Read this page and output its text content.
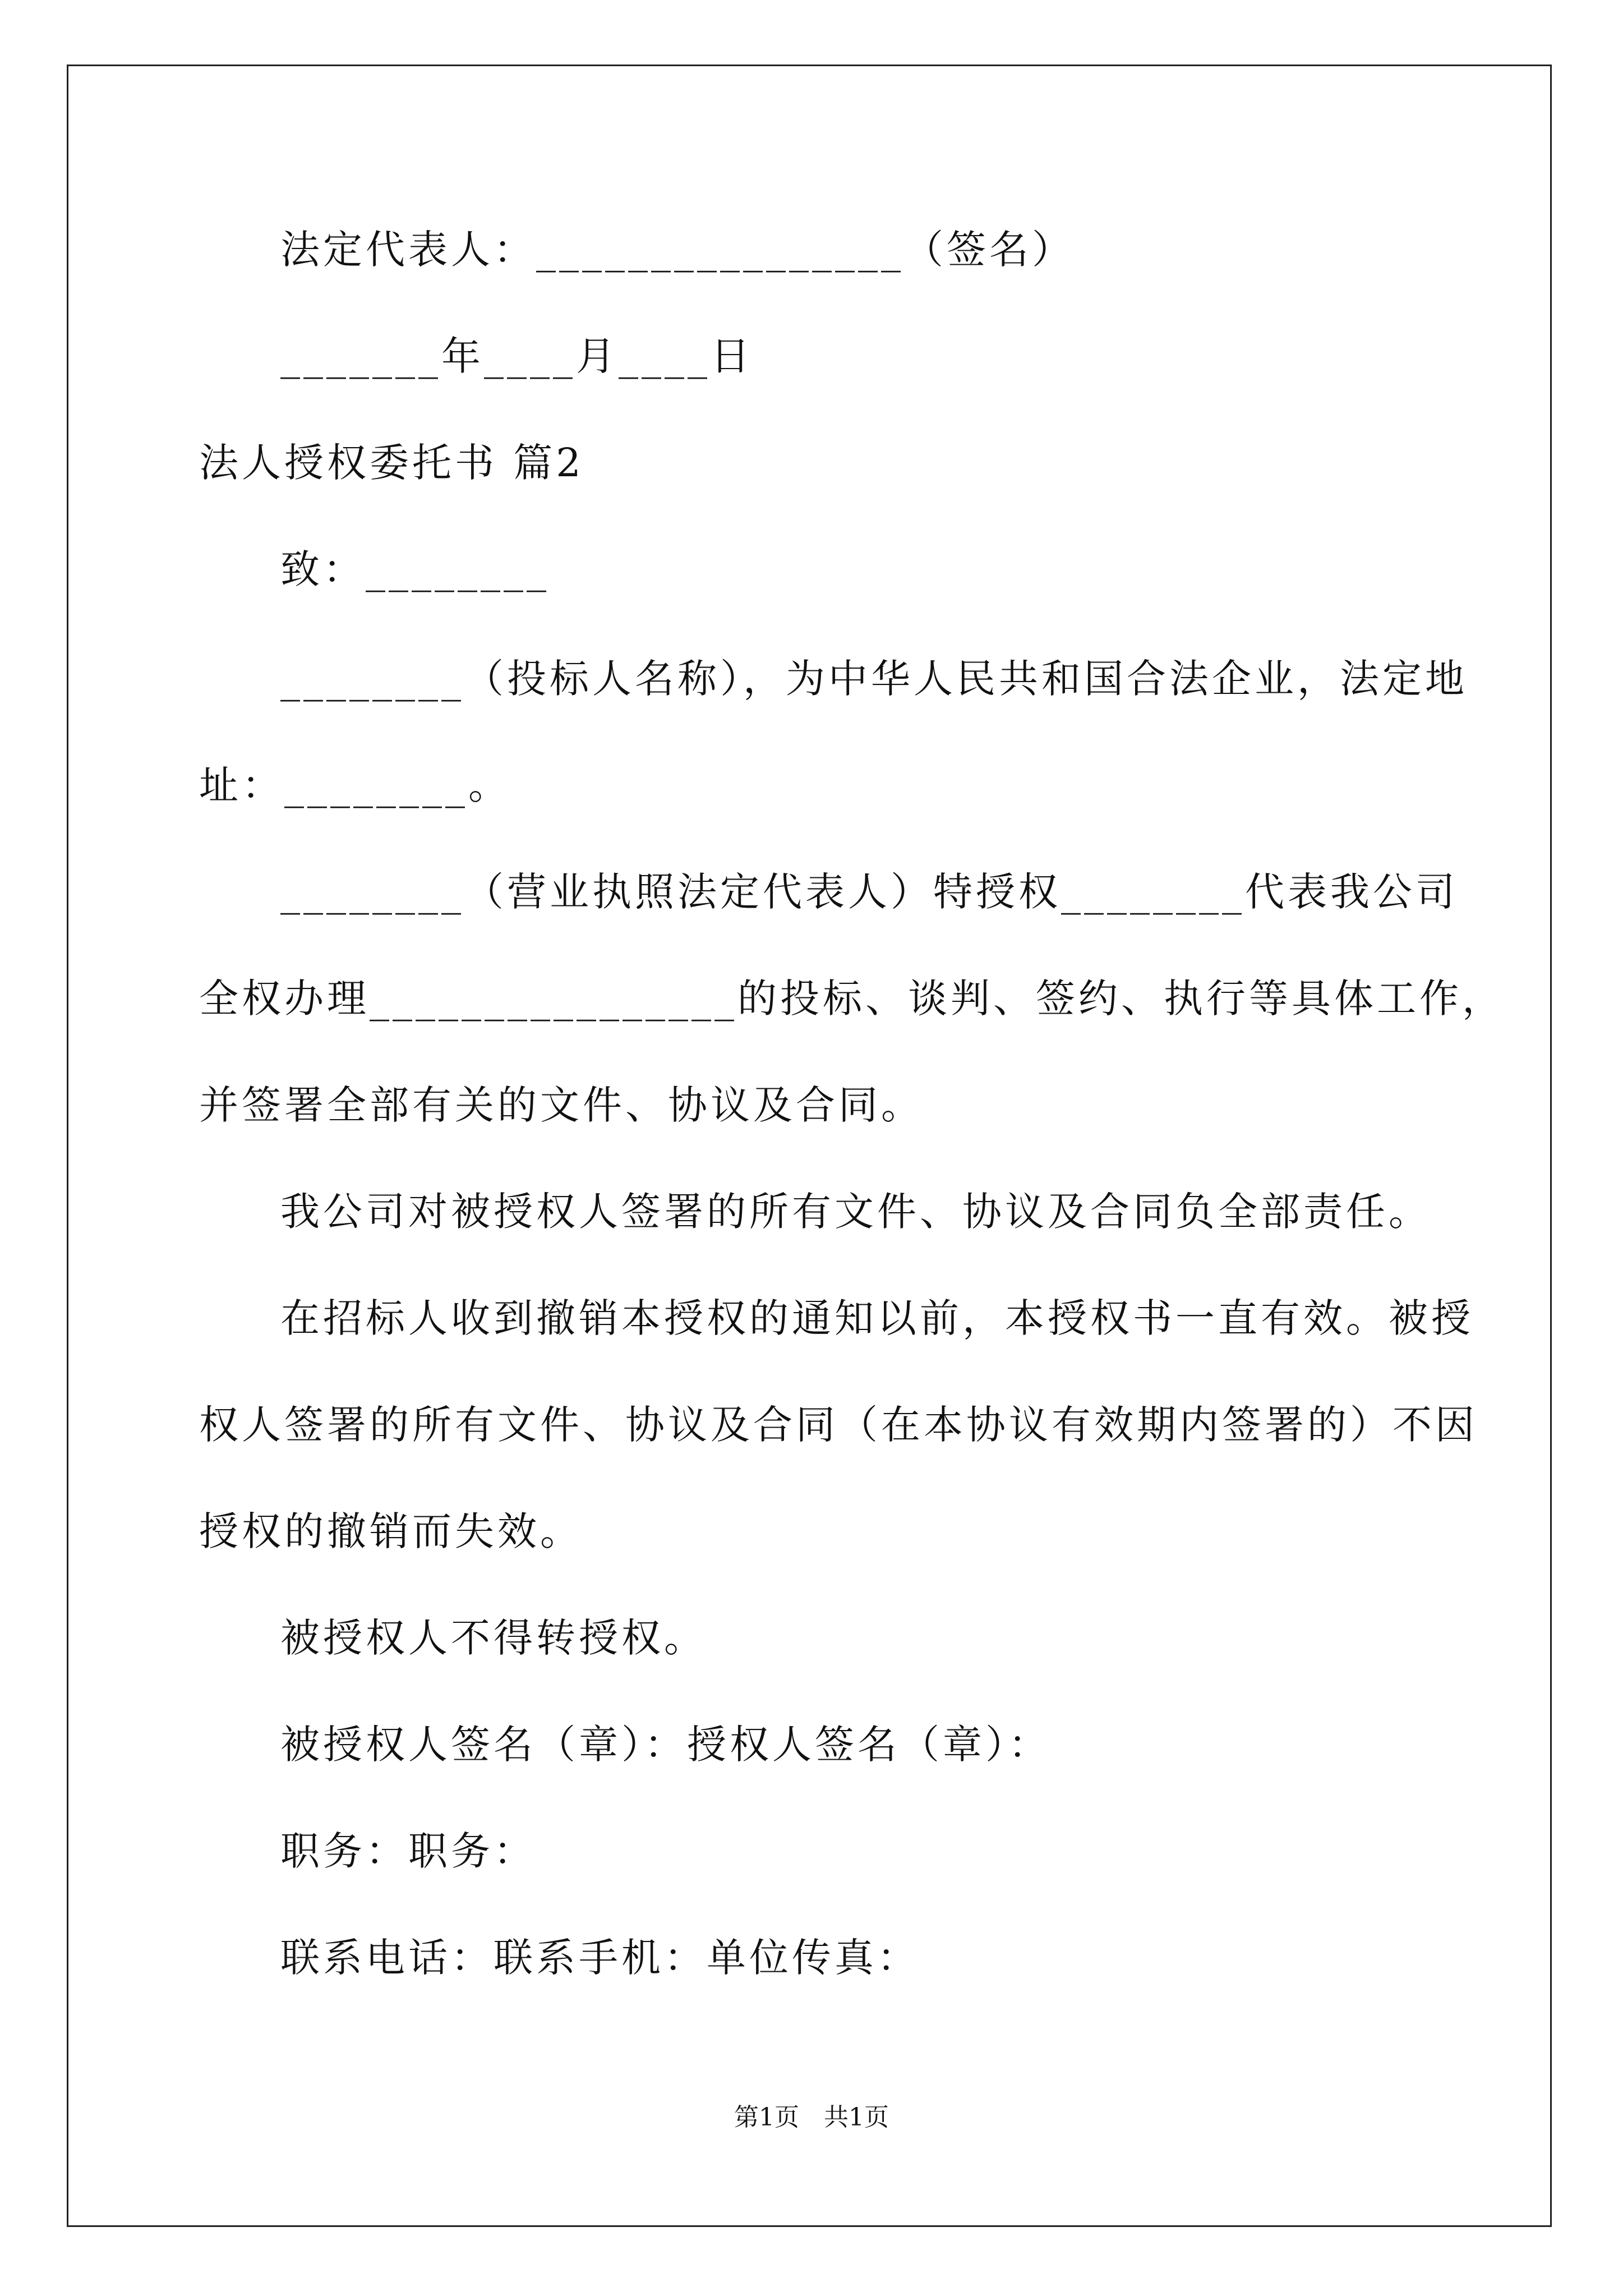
法定代表人：________________（签名）
_______年____月____日
法人授权委托书 篇2
致：________
________（投标人名称），为中华人民共和国合法企业，法定地
址：________。
________（营业执照法定代表人）特授权________代表我公司
全权办理________________的投标、谈判、签约、执行等具体工作，
并签署全部有关的文件、协议及合同。
我公司对被授权人签署的所有文件、协议及合同负全部责任。
在招标人收到撤销本授权的通知以前，本授权书一直有效。被授
权人签署的所有文件、协议及合同（在本协议有效期内签署的）不因
授权的撤销而失效。
被授权人不得转授权。
被授权人签名（章）：授权人签名（章）：
职务：职务：
联系电话：联系手机：单位传真：
第1页　共1页
